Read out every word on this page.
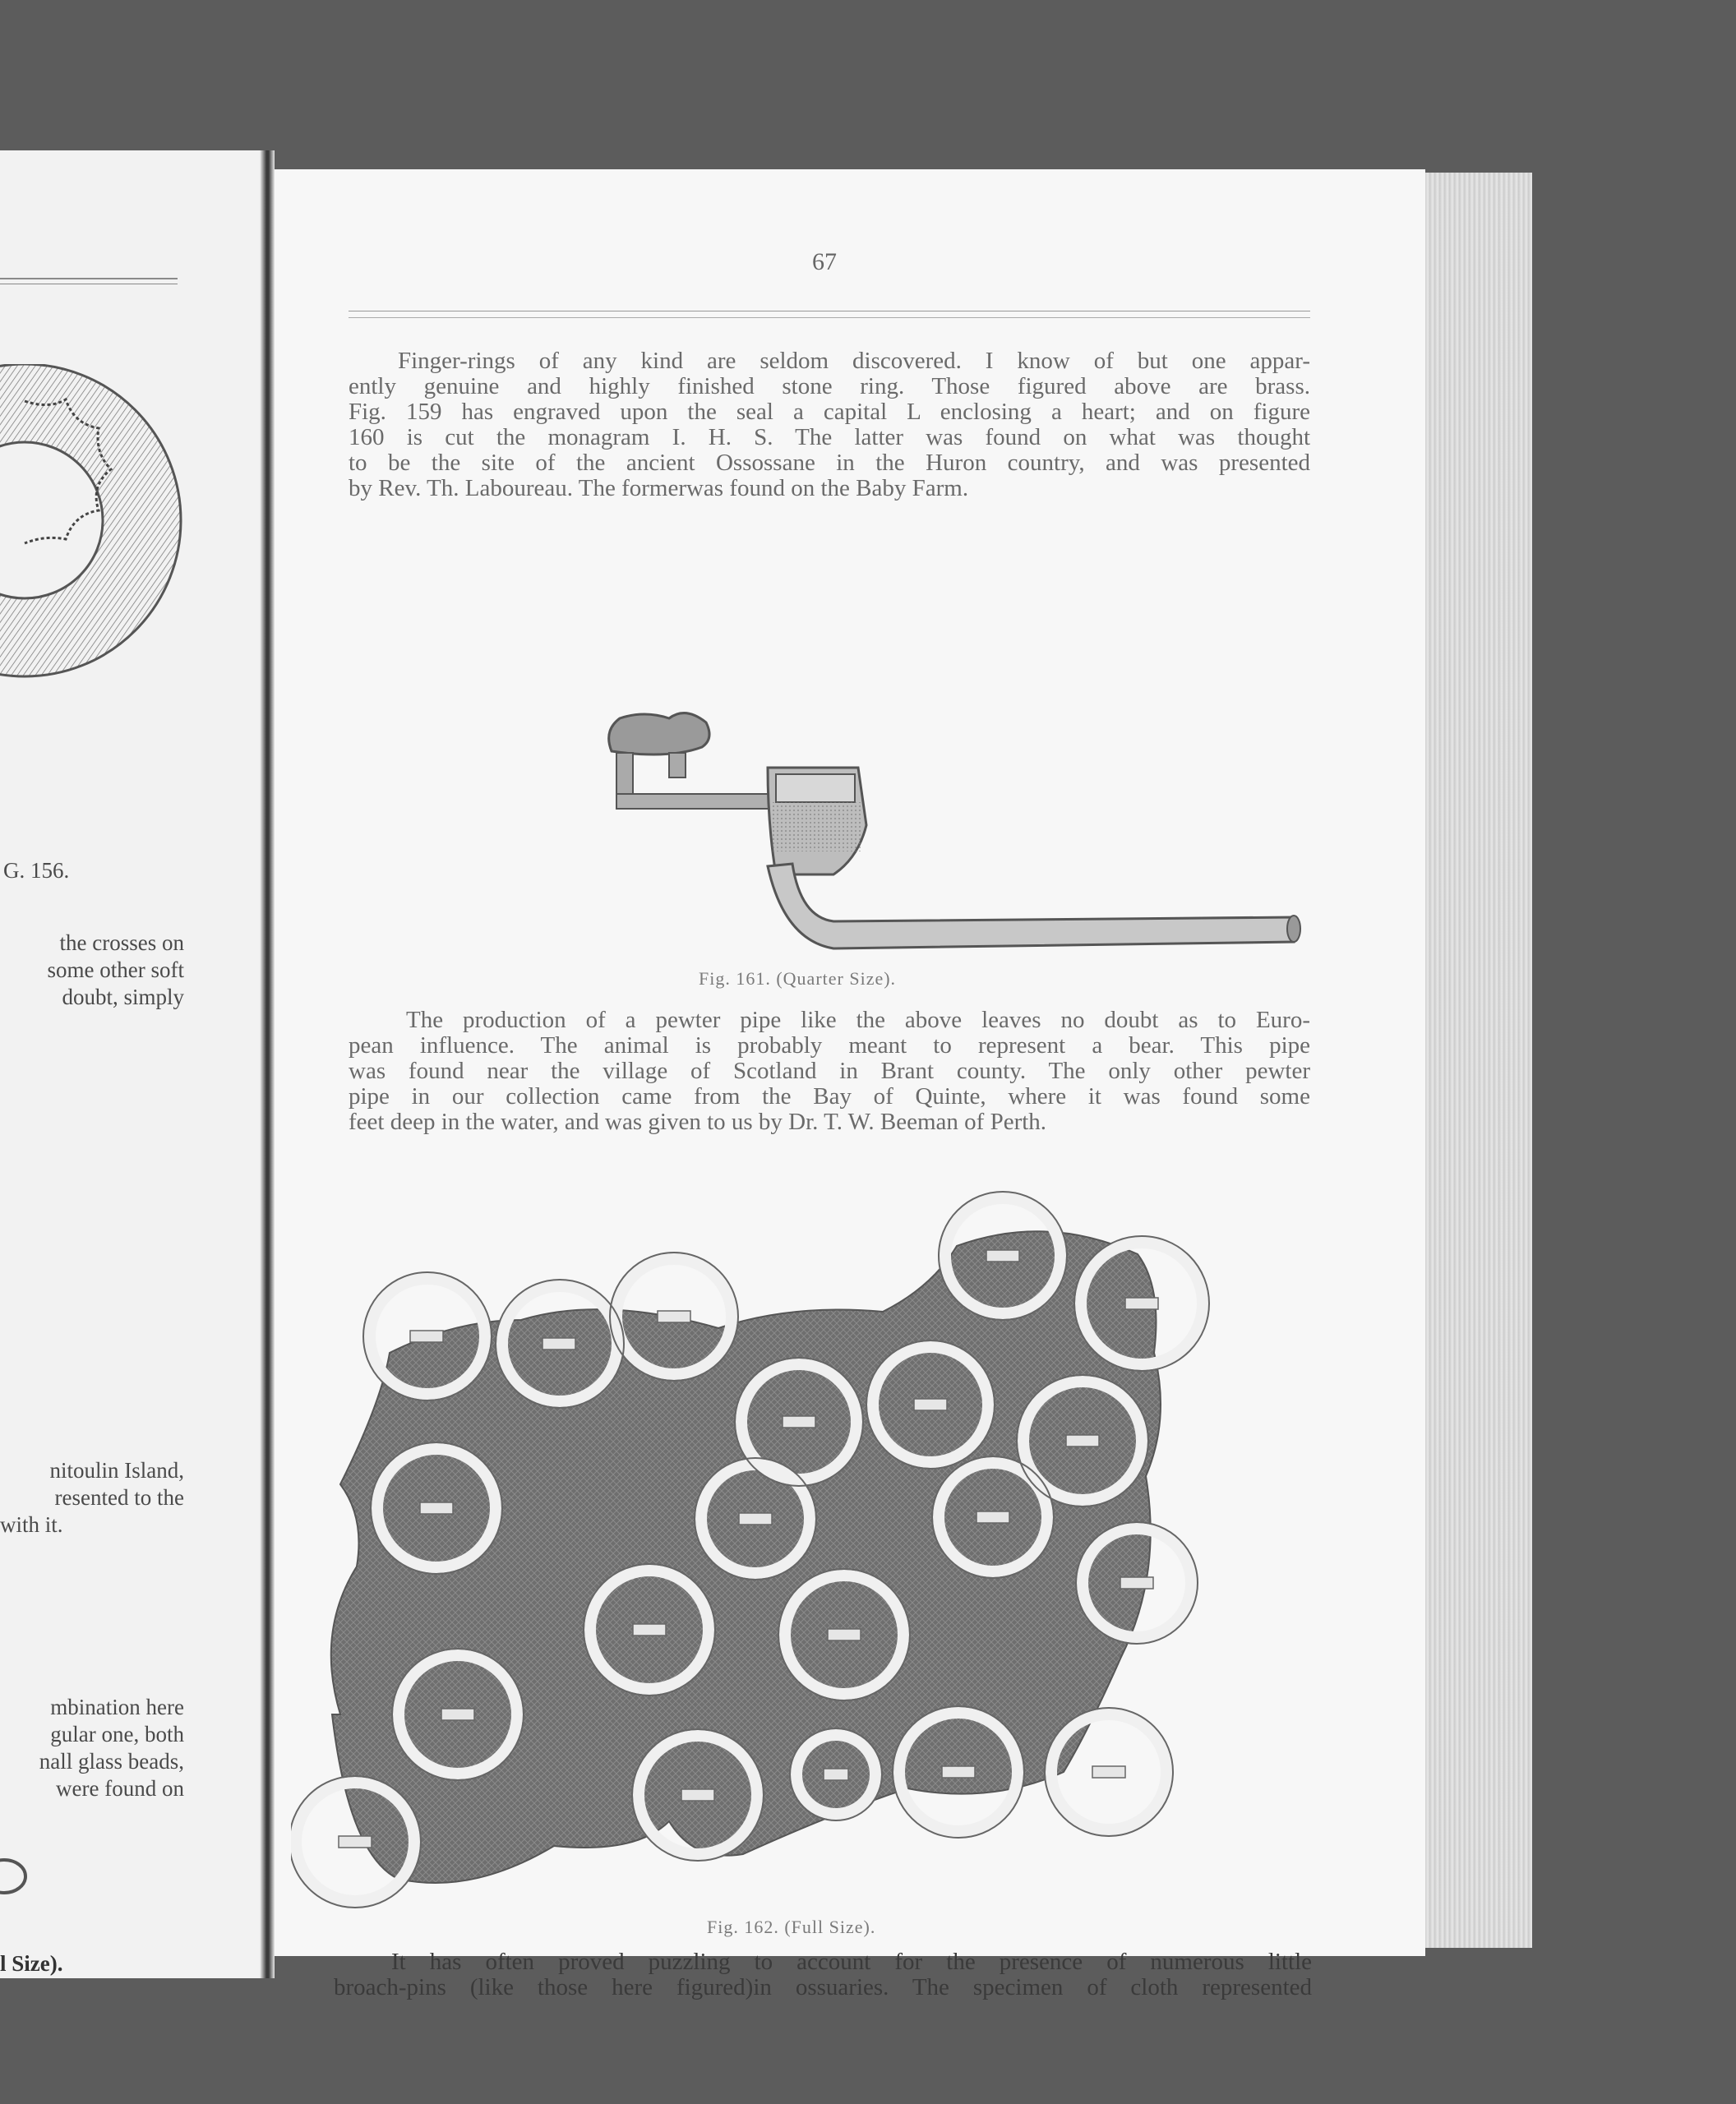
G. 156.
the crosses on
some other soft
doubt, simply
nitoulin Island,
resented to the
with it.
mbination here
gular one, both
nall glass beads,
were found on
l Size).
67

Finger-rings of any kind are seldom discovered. I know of but one appar-

ently genuine and highly finished stone ring. Those figured above are brass.

Fig. 159 has engraved upon the seal a capital L enclosing a heart; and on figure

160 is cut the monagram I. H. S. The latter was found on what was thought

to be the site of the ancient Ossossane in the Huron country, and was presented

by Rev. Th. Laboureau. The formerwas found on the Baby Farm.

Fig. 161. (Quarter Size).

The production of a pewter pipe like the above leaves no doubt as to Euro-

pean influence. The animal is probably meant to represent a bear. This pipe

was found near the village of Scotland in Brant county. The only other pewter

pipe in our collection came from the Bay of Quinte, where it was found some

feet deep in the water, and was given to us by Dr. T. W. Beeman of Perth.

Fig. 162. (Full Size).

It has often proved puzzling to account for the presence of numerous little

broach-pins (like those here figured)in ossuaries. The specimen of cloth represented
